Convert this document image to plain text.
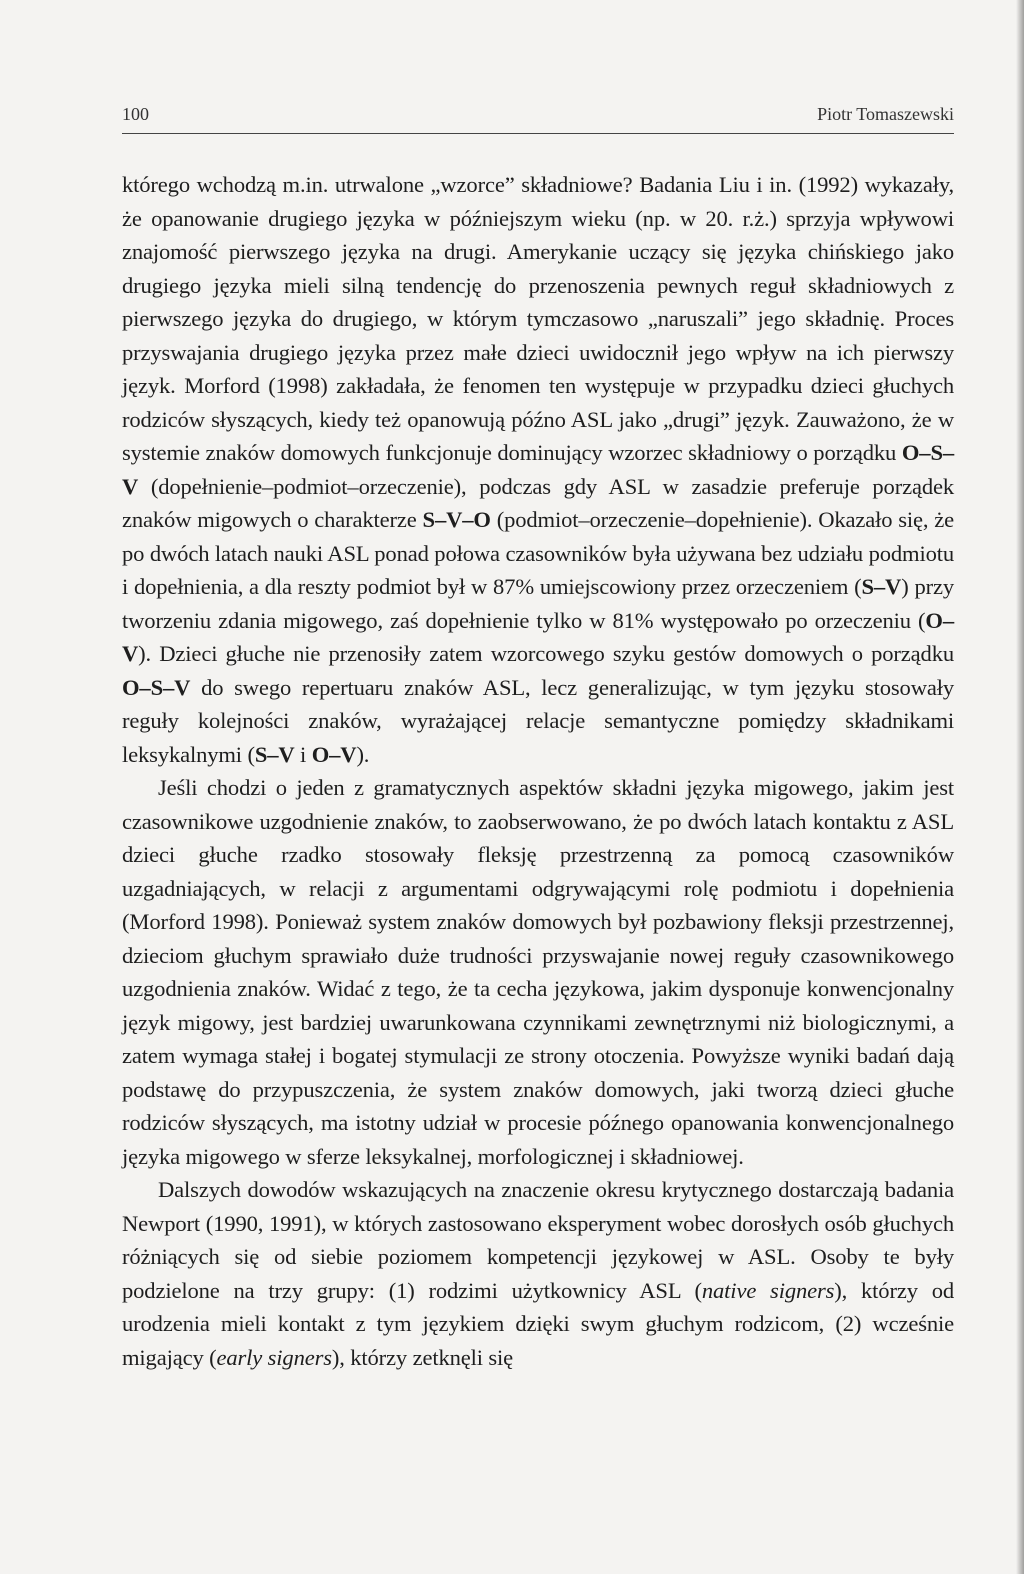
100	Piotr Tomaszewski

którego wchodzą m.in. utrwalone „wzorce” składniowe? Badania Liu i in. (1992) wykazały, że opanowanie drugiego języka w późniejszym wieku (np. w 20. r.ż.) sprzyja wpływowi znajomość pierwszego języka na drugi. Amerykanie uczący się języka chińskiego jako drugiego języka mieli silną tendencję do przenoszenia pewnych reguł składniowych z pierwszego języka do drugiego, w którym tymczasowo „naruszali” jego składnię. Proces przyswajania drugiego języka przez małe dzieci uwidocznił jego wpływ na ich pierwszy język. Morford (1998) zakładała, że fenomen ten występuje w przypadku dzieci głuchych rodziców słyszących, kiedy też opanowują późno ASL jako „drugi” język. Zauważono, że w systemie znaków domowych funkcjonuje dominujący wzorzec składniowy o porządku O–S–V (dopełnienie–podmiot–orzeczenie), podczas gdy ASL w zasadzie preferuje porządek znaków migowych o charakterze S–V–O (podmiot–orzeczenie–dopełnienie). Okazało się, że po dwóch latach nauki ASL ponad połowa czasowników była używana bez udziału podmiotu i dopełnienia, a dla reszty podmiot był w 87% umiejscowiony przez orzeczeniem (S–V) przy tworzeniu zdania migowego, zaś dopełnienie tylko w 81% występowało po orzeczeniu (O–V). Dzieci głuche nie przenosiły zatem wzorcowego szyku gestów domowych o porządku O–S–V do swego repertuaru znaków ASL, lecz generalizując, w tym języku stosowały reguły kolejności znaków, wyrażającej relacje semantyczne pomiędzy składnikami leksykalnymi (S–V i O–V).

Jeśli chodzi o jeden z gramatycznych aspektów składni języka migowego, jakim jest czasownikowe uzgodnienie znaków, to zaobserwowano, że po dwóch latach kontaktu z ASL dzieci głuche rzadko stosowały fleksję przestrzenną za pomocą czasowników uzgadniających, w relacji z argumentami odgrywającymi rolę podmiotu i dopełnienia (Morford 1998). Ponieważ system znaków domowych był pozbawiony fleksji przestrzennej, dzieciom głuchym sprawiało duże trudności przyswajanie nowej reguły czasownikowego uzgodnienia znaków. Widać z tego, że ta cecha językowa, jakim dysponuje konwencjonalny język migowy, jest bardziej uwarunkowana czynnikami zewnętrznymi niż biologicznymi, a zatem wymaga stałej i bogatej stymulacji ze strony otoczenia. Powyższe wyniki badań dają podstawę do przypuszczenia, że system znaków domowych, jaki tworzą dzieci głuche rodziców słyszących, ma istotny udział w procesie późnego opanowania konwencjonalnego języka migowego w sferze leksykalnej, morfologicznej i składniowej.

Dalszych dowodów wskazujących na znaczenie okresu krytycznego dostarczają badania Newport (1990, 1991), w których zastosowano eksperyment wobec dorosłych osób głuchych różniących się od siebie poziomem kompetencji językowej w ASL. Osoby te były podzielone na trzy grupy: (1) rodzimi użytkownicy ASL (native signers), którzy od urodzenia mieli kontakt z tym językiem dzięki swym głuchym rodzicom, (2) wcześnie migający (early signers), którzy zetknęli się
